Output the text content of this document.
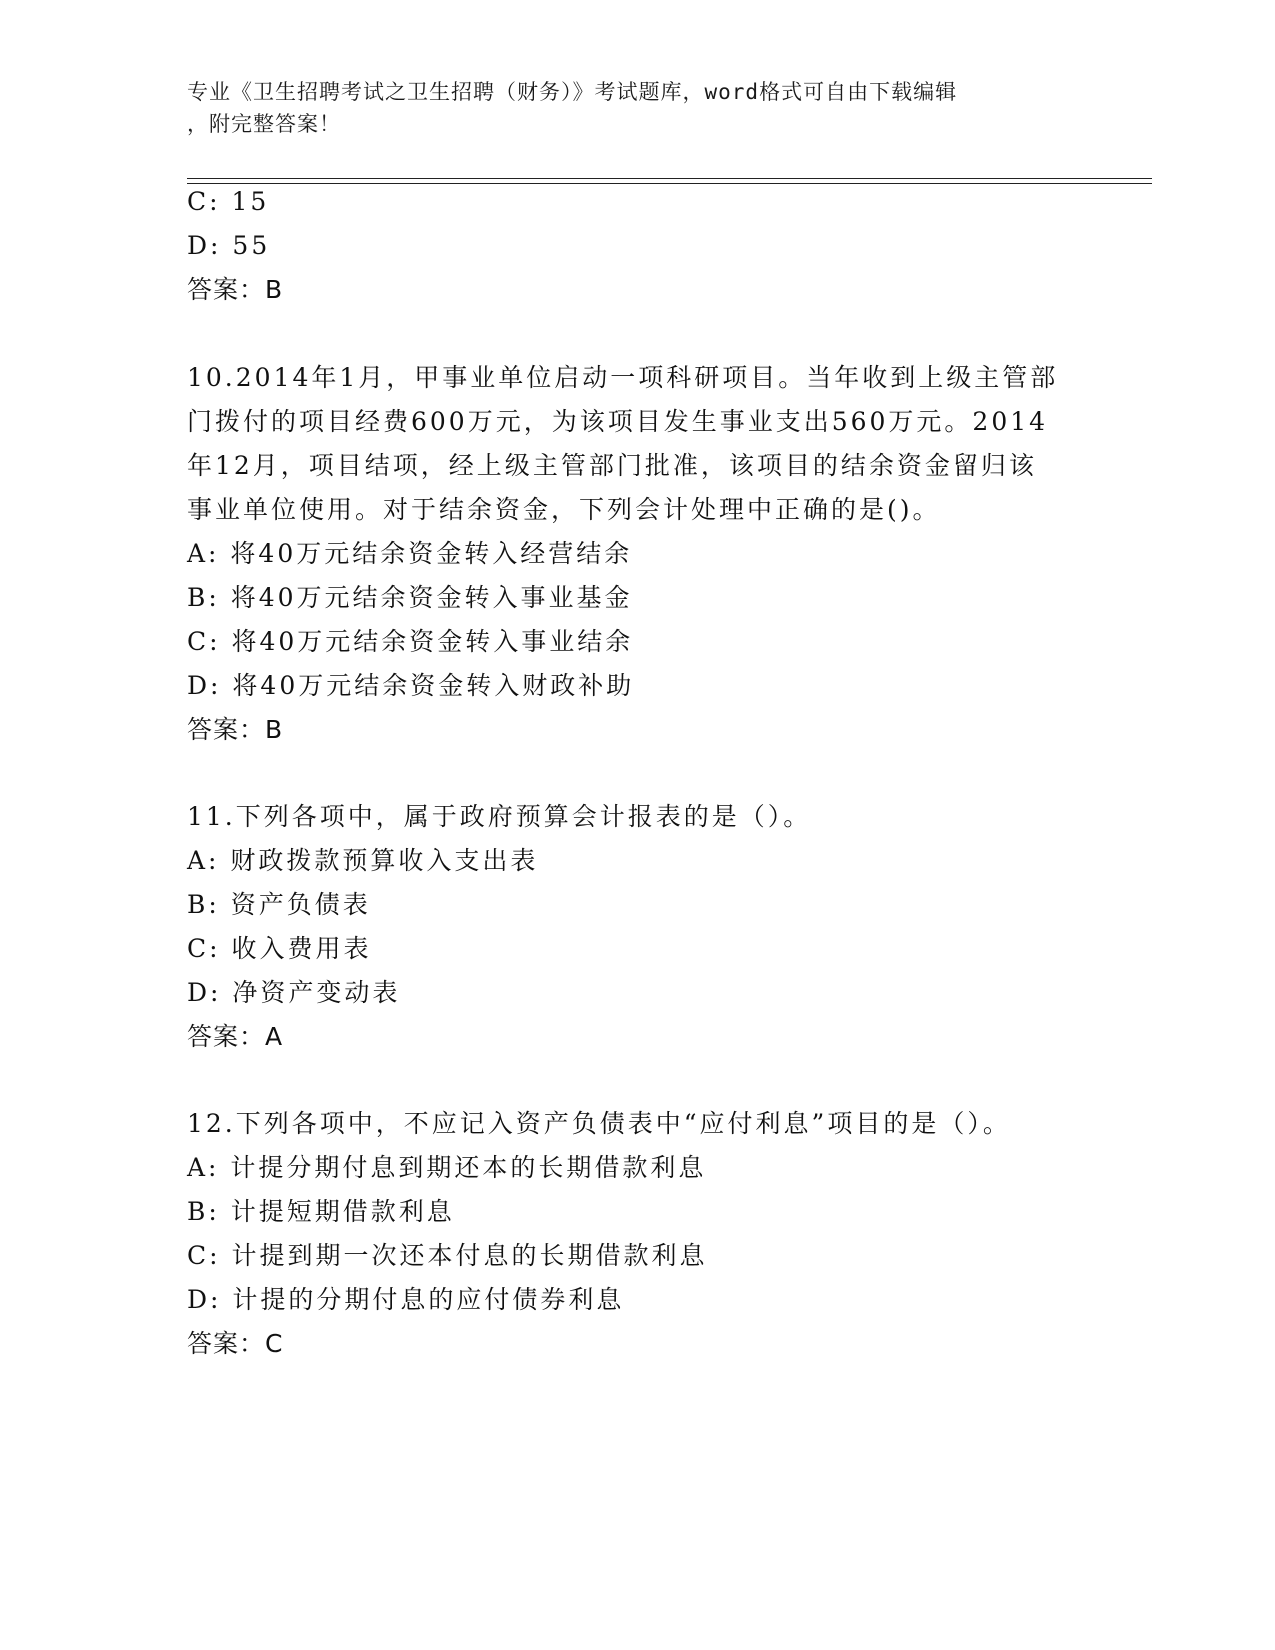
专业《卫生招聘考试之卫生招聘（财务）》考试题库，word格式可自由下载编辑

，附完整答案！

C: 15
D: 55
答案：B
10.2014年1月，甲事业单位启动一项科研项目。当年收到上级主管部
门拨付的项目经费600万元，为该项目发生事业支出560万元。2014
年12月，项目结项，经上级主管部门批准，该项目的结余资金留归该
事业单位使用。对于结余资金，下列会计处理中正确的是()。
A: 将40万元结余资金转入经营结余
B: 将40万元结余资金转入事业基金
C: 将40万元结余资金转入事业结余
D: 将40万元结余资金转入财政补助
答案：B
11.下列各项中，属于政府预算会计报表的是（）。
A: 财政拨款预算收入支出表
B: 资产负债表
C: 收入费用表
D: 净资产变动表
答案：A
12.下列各项中，不应记入资产负债表中“应付利息”项目的是（）。
A: 计提分期付息到期还本的长期借款利息
B: 计提短期借款利息
C: 计提到期一次还本付息的长期借款利息
D: 计提的分期付息的应付债券利息
答案：C
